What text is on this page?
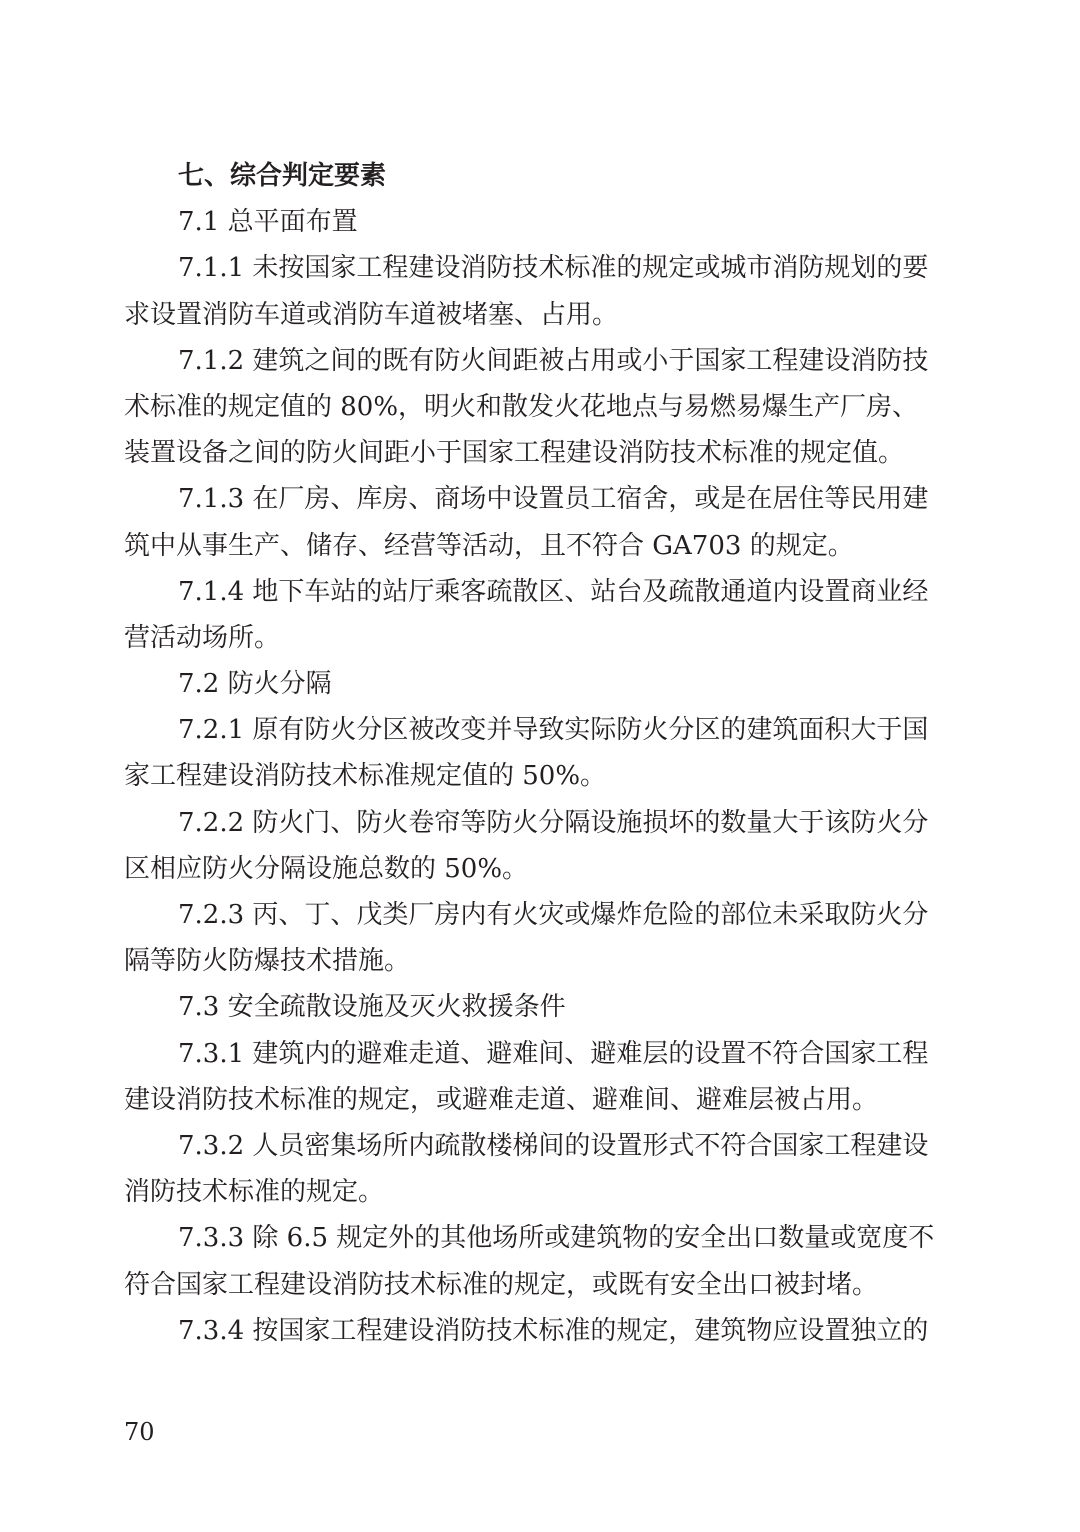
七、综合判定要素
7.1 总平面布置
7.1.1 未按国家工程建设消防技术标准的规定或城市消防规划的要
求设置消防车道或消防车道被堵塞、占用。
7.1.2 建筑之间的既有防火间距被占用或小于国家工程建设消防技
术标准的规定值的 80%，明火和散发火花地点与易燃易爆生产厂房、
装置设备之间的防火间距小于国家工程建设消防技术标准的规定值。
7.1.3 在厂房、库房、商场中设置员工宿舍，或是在居住等民用建
筑中从事生产、储存、经营等活动，且不符合 GA703 的规定。
7.1.4 地下车站的站厅乘客疏散区、站台及疏散通道内设置商业经
营活动场所。
7.2 防火分隔
7.2.1 原有防火分区被改变并导致实际防火分区的建筑面积大于国
家工程建设消防技术标准规定值的 50%。
7.2.2 防火门、防火卷帘等防火分隔设施损坏的数量大于该防火分
区相应防火分隔设施总数的 50%。
7.2.3 丙、丁、戊类厂房内有火灾或爆炸危险的部位未采取防火分
隔等防火防爆技术措施。
7.3 安全疏散设施及灭火救援条件
7.3.1 建筑内的避难走道、避难间、避难层的设置不符合国家工程
建设消防技术标准的规定，或避难走道、避难间、避难层被占用。
7.3.2 人员密集场所内疏散楼梯间的设置形式不符合国家工程建设
消防技术标准的规定。
7.3.3 除 6.5 规定外的其他场所或建筑物的安全出口数量或宽度不
符合国家工程建设消防技术标准的规定，或既有安全出口被封堵。
7.3.4 按国家工程建设消防技术标准的规定，建筑物应设置独立的
70
